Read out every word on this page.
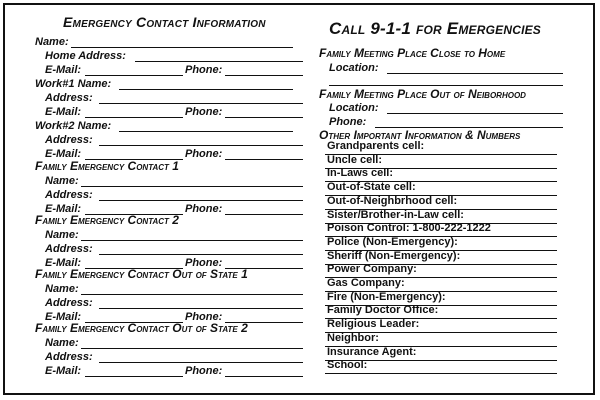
Emergency Contact Information
Name:
Home Address:
E-Mail:	Phone:
Work#1 Name:
Address:
E-Mail:	Phone:
Work#2 Name:
Address:
E-Mail:	Phone:
Family Emergency Contact 1
Name:
Address:
E-Mail:	Phone:
Family Emergency Contact 2
Name:
Address:
E-Mail:	Phone:
Family Emergency Contact Out of State 1
Name:
Address:
E-Mail:	Phone:
Family Emergency Contact Out of State 2
Name:
Address:
E-Mail:	Phone:
Call 9-1-1 for Emergencies
Family Meeting Place Close to Home
Location:
Family Meeting Place Out of Neiborhood
Location:
Phone:
Other Important Information & Numbers
Grandparents cell:
Uncle cell:
In-Laws cell:
Out-of-State cell:
Out-of-Neighbrhood cell:
Sister/Brother-in-Law cell:
Poison Control: 1-800-222-1222
Police (Non-Emergency):
Sheriff (Non-Emergency):
Power Company:
Gas Company:
Fire (Non-Emergency):
Family Doctor Office:
Religious Leader:
Neighbor:
Insurance Agent:
School:
